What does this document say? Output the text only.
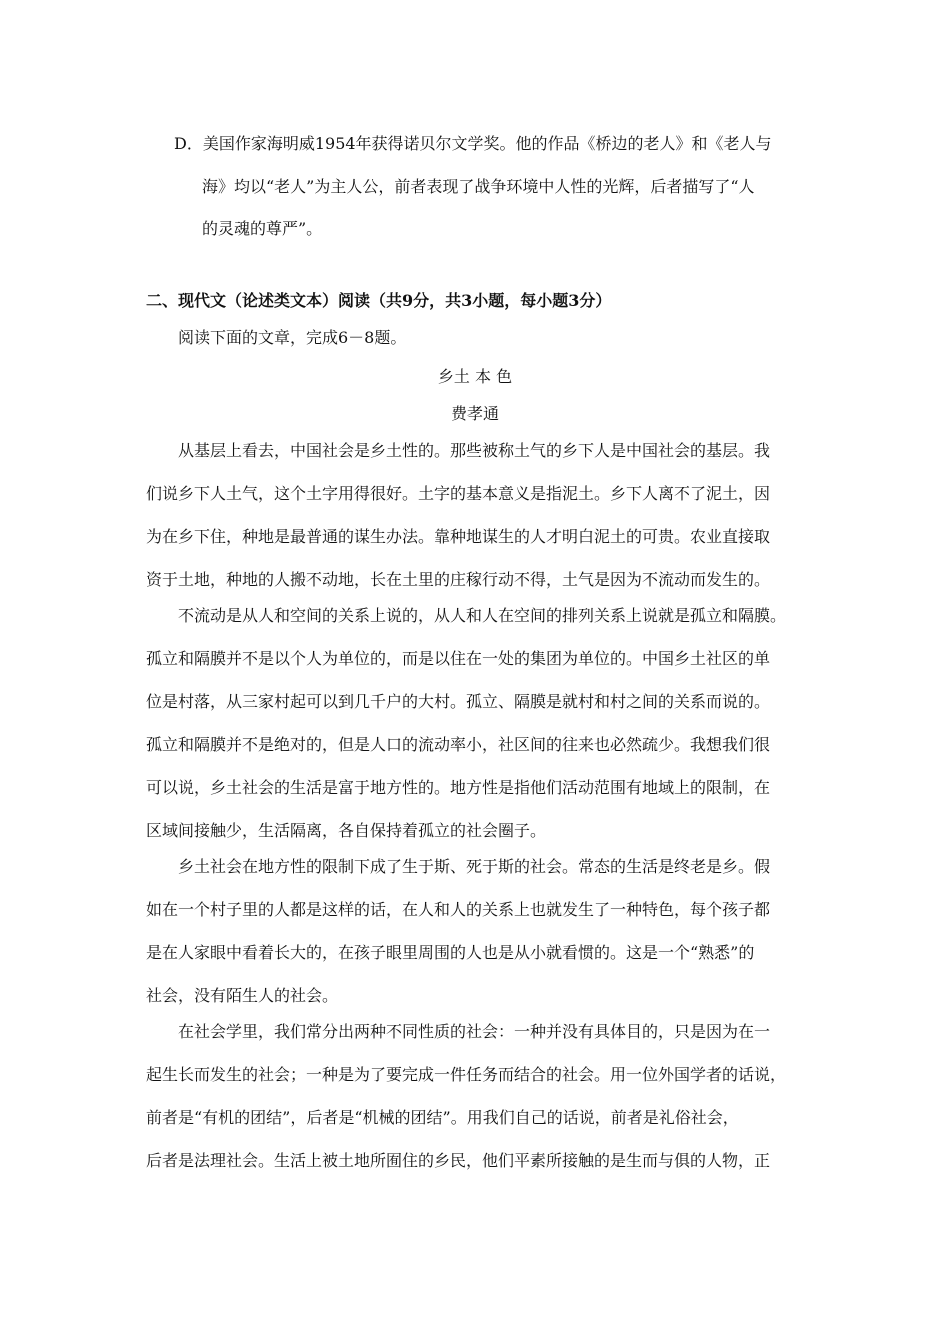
D．美国作家海明威1954年获得诺贝尔文学奖。他的作品《桥边的老人》和《老人与
海》均以“老人”为主人公，前者表现了战争环境中人性的光辉，后者描写了“人
的灵魂的尊严”。
二、现代文（论述类文本）阅读（共9分，共3小题，每小题3分）
阅读下面的文章，完成6－8题。
乡土 本 色
费孝通
从基层上看去，中国社会是乡土性的。那些被称土气的乡下人是中国社会的基层。我
们说乡下人土气，这个土字用得很好。土字的基本意义是指泥土。乡下人离不了泥土，因
为在乡下住，种地是最普通的谋生办法。靠种地谋生的人才明白泥土的可贵。农业直接取
资于土地，种地的人搬不动地，长在土里的庄稼行动不得，土气是因为不流动而发生的。
不流动是从人和空间的关系上说的，从人和人在空间的排列关系上说就是孤立和隔膜。
孤立和隔膜并不是以个人为单位的，而是以住在一处的集团为单位的。中国乡土社区的单
位是村落，从三家村起可以到几千户的大村。孤立、隔膜是就村和村之间的关系而说的。
孤立和隔膜并不是绝对的，但是人口的流动率小，社区间的往来也必然疏少。我想我们很
可以说，乡土社会的生活是富于地方性的。地方性是指他们活动范围有地域上的限制，在
区域间接触少，生活隔离，各自保持着孤立的社会圈子。
乡土社会在地方性的限制下成了生于斯、死于斯的社会。常态的生活是终老是乡。假
如在一个村子里的人都是这样的话，在人和人的关系上也就发生了一种特色，每个孩子都
是在人家眼中看着长大的，在孩子眼里周围的人也是从小就看惯的。这是一个“熟悉”的
社会，没有陌生人的社会。
在社会学里，我们常分出两种不同性质的社会：一种并没有具体目的，只是因为在一
起生长而发生的社会；一种是为了要完成一件任务而结合的社会。用一位外国学者的话说，
前者是“有机的团结”，后者是“机械的团结”。用我们自己的话说，前者是礼俗社会，
后者是法理社会。生活上被土地所囿住的乡民，他们平素所接触的是生而与俱的人物，正
